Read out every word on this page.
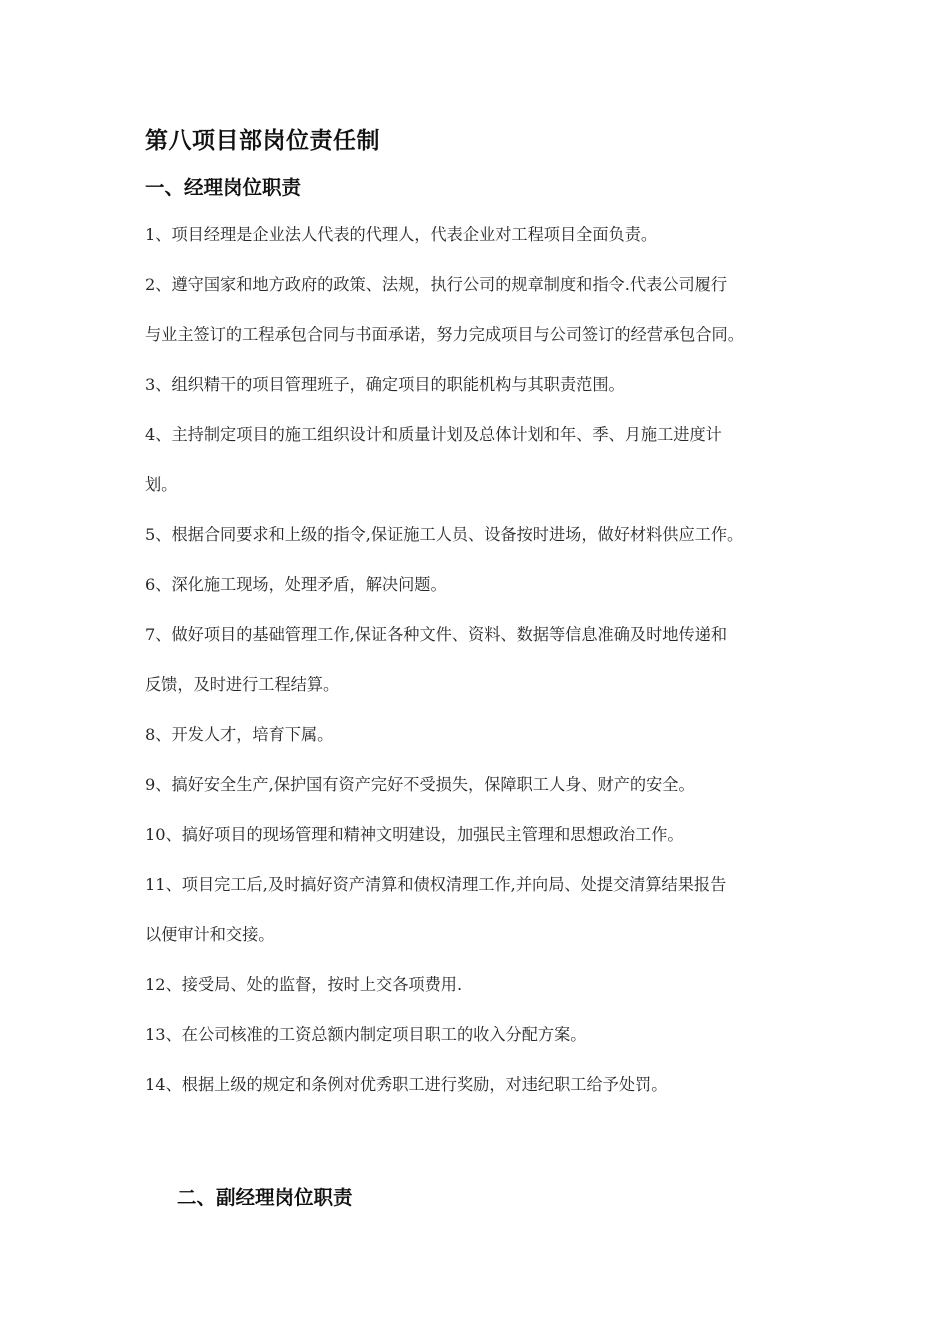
第八项目部岗位责任制
一、经理岗位职责
1、项目经理是企业法人代表的代理人，代表企业对工程项目全面负责。
2、遵守国家和地方政府的政策、法规，执行公司的规章制度和指令.代表公司履行
与业主签订的工程承包合同与书面承诺，努力完成项目与公司签订的经营承包合同。
3、组织精干的项目管理班子，确定项目的职能机构与其职责范围。
4、主持制定项目的施工组织设计和质量计划及总体计划和年、季、月施工进度计
划。
5、根据合同要求和上级的指令,保证施工人员、设备按时进场，做好材料供应工作。
6、深化施工现场，处理矛盾，解决问题。
7、做好项目的基础管理工作,保证各种文件、资料、数据等信息准确及时地传递和
反馈，及时进行工程结算。
8、开发人才，培育下属。
9、搞好安全生产,保护国有资产完好不受损失，保障职工人身、财产的安全。
10、搞好项目的现场管理和精神文明建设，加强民主管理和思想政治工作。
11、项目完工后,及时搞好资产清算和债权清理工作,并向局、处提交清算结果报告
以便审计和交接。
12、接受局、处的监督，按时上交各项费用.
13、在公司核准的工资总额内制定项目职工的收入分配方案。
14、根据上级的规定和条例对优秀职工进行奖励，对违纪职工给予处罚。
二、副经理岗位职责
